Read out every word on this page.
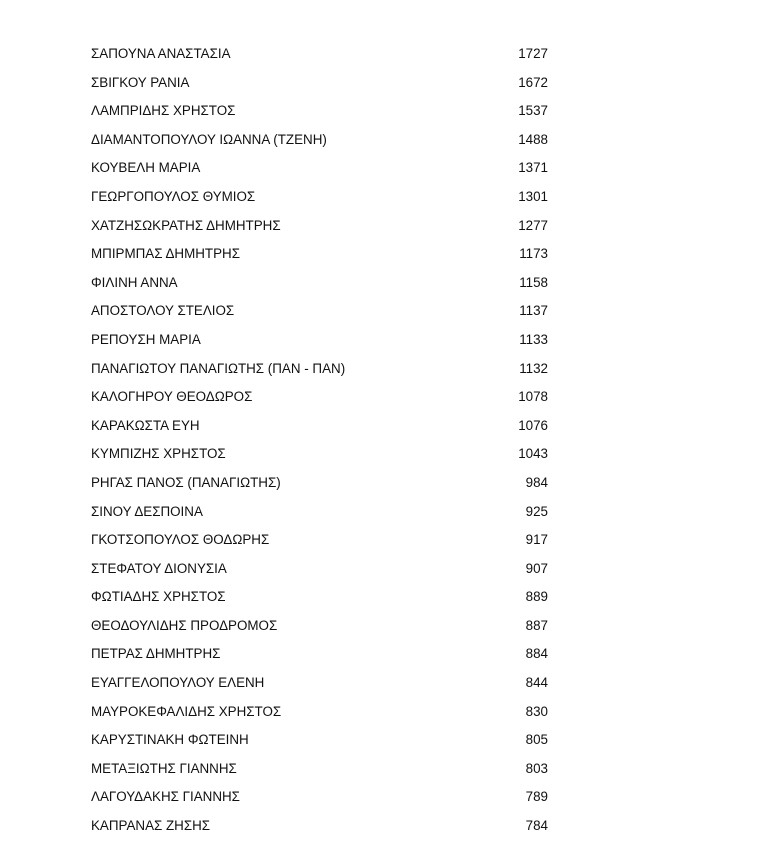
ΣΑΠΟΥΝΑ ΑΝΑΣΤΑΣΙΑ	1727
ΣΒΙΓΚΟΥ ΡΑΝΙΑ	1672
ΛΑΜΠΡΙΔΗΣ ΧΡΗΣΤΟΣ	1537
ΔΙΑΜΑΝΤΟΠΟΥΛΟΥ ΙΩΑΝΝΑ (ΤΖΕΝΗ)	1488
ΚΟΥΒΕΛΗ ΜΑΡΙΑ	1371
ΓΕΩΡΓΟΠΟΥΛΟΣ ΘΥΜΙΟΣ	1301
ΧΑΤΖΗΣΩΚΡΑΤΗΣ ΔΗΜΗΤΡΗΣ	1277
ΜΠΙΡΜΠΑΣ ΔΗΜΗΤΡΗΣ	1173
ΦΙΛΙΝΗ ΑΝΝΑ	1158
ΑΠΟΣΤΟΛΟΥ ΣΤΕΛΙΟΣ	1137
ΡΕΠΟΥΣΗ ΜΑΡΙΑ	1133
ΠΑΝΑΓΙΩΤΟΥ ΠΑΝΑΓΙΩΤΗΣ (ΠΑΝ - ΠΑΝ)	1132
ΚΑΛΟΓΗΡΟΥ ΘΕΟΔΩΡΟΣ	1078
ΚΑΡΑΚΩΣΤΑ ΕΥΗ	1076
ΚΥΜΠΙΖΗΣ ΧΡΗΣΤΟΣ	1043
ΡΗΓΑΣ ΠΑΝΟΣ (ΠΑΝΑΓΙΩΤΗΣ)	984
ΣΙΝΟΥ ΔΕΣΠΟΙΝΑ	925
ΓΚΟΤΣΟΠΟΥΛΟΣ ΘΟΔΩΡΗΣ	917
ΣΤΕΦΑΤΟΥ ΔΙΟΝΥΣΙΑ	907
ΦΩΤΙΑΔΗΣ ΧΡΗΣΤΟΣ	889
ΘΕΟΔΟΥΛΙΔΗΣ ΠΡΟΔΡΟΜΟΣ	887
ΠΕΤΡΑΣ ΔΗΜΗΤΡΗΣ	884
ΕΥΑΓΓΕΛΟΠΟΥΛΟΥ ΕΛΕΝΗ	844
ΜΑΥΡΟΚΕΦΑΛΙΔΗΣ ΧΡΗΣΤΟΣ	830
ΚΑΡΥΣΤΙΝΑΚΗ ΦΩΤΕΙΝΗ	805
ΜΕΤΑΞΙΩΤΗΣ ΓΙΑΝΝΗΣ	803
ΛΑΓΟΥΔΑΚΗΣ ΓΙΑΝΝΗΣ	789
ΚΑΠΡΑΝΑΣ ΖΗΣΗΣ	784
